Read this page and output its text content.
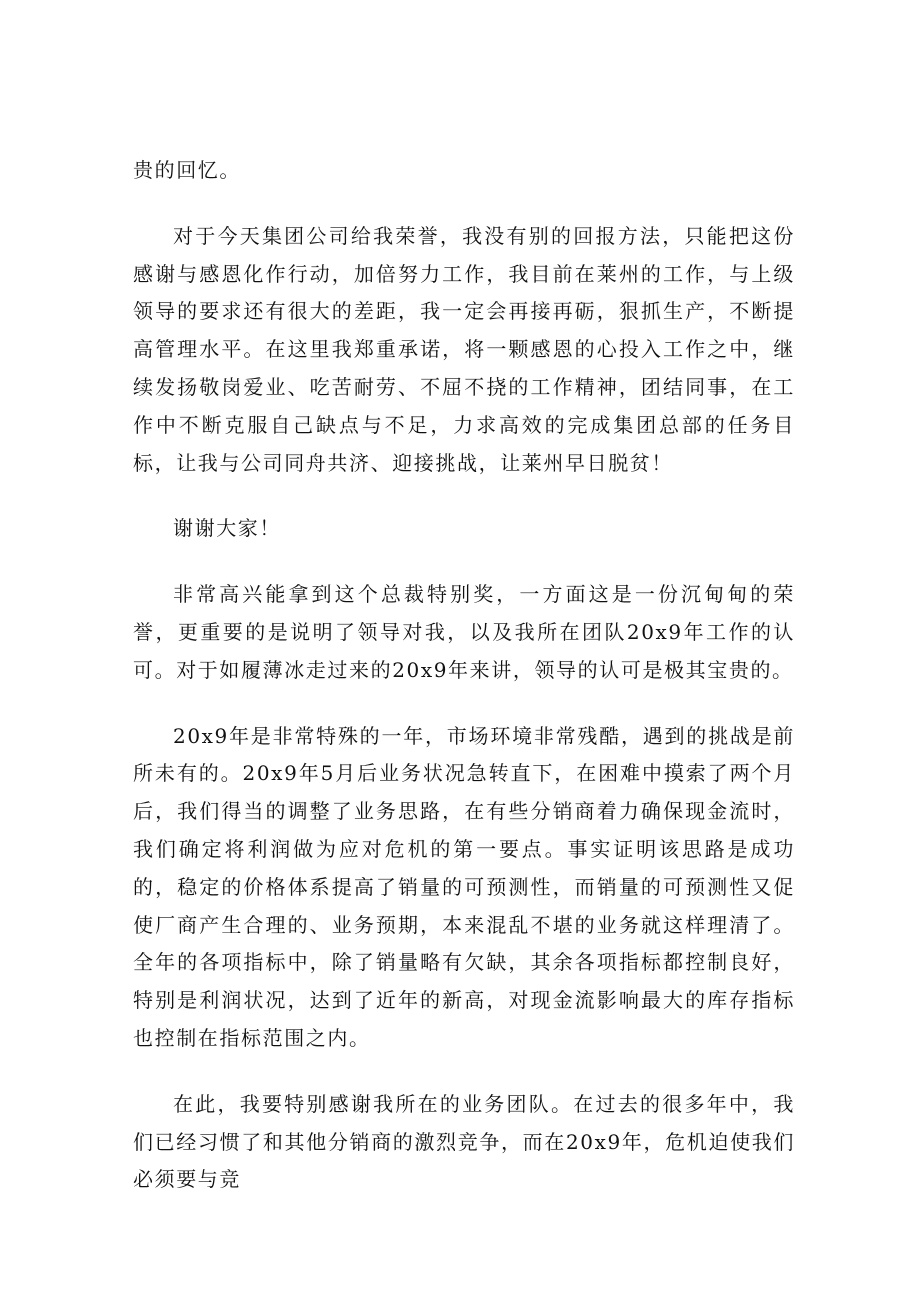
贵的回忆。

对于今天集团公司给我荣誉，我没有别的回报方法，只能把这份感谢与感恩化作行动，加倍努力工作，我目前在莱州的工作，与上级领导的要求还有很大的差距，我一定会再接再砺，狠抓生产，不断提高管理水平。在这里我郑重承诺，将一颗感恩的心投入工作之中，继续发扬敬岗爱业、吃苦耐劳、不屈不挠的工作精神，团结同事，在工作中不断克服自己缺点与不足，力求高效的完成集团总部的任务目标，让我与公司同舟共济、迎接挑战，让莱州早日脱贫！

谢谢大家！

非常高兴能拿到这个总裁特别奖，一方面这是一份沉甸甸的荣誉，更重要的是说明了领导对我，以及我所在团队20x9年工作的认可。对于如履薄冰走过来的20x9年来讲，领导的认可是极其宝贵的。

20x9年是非常特殊的一年，市场环境非常残酷，遇到的挑战是前所未有的。20x9年5月后业务状况急转直下，在困难中摸索了两个月后，我们得当的调整了业务思路，在有些分销商着力确保现金流时，我们确定将利润做为应对危机的第一要点。事实证明该思路是成功的，稳定的价格体系提高了销量的可预测性，而销量的可预测性又促使厂商产生合理的、业务预期，本来混乱不堪的业务就这样理清了。全年的各项指标中，除了销量略有欠缺，其余各项指标都控制良好，特别是利润状况，达到了近年的新高，对现金流影响最大的库存指标也控制在指标范围之内。

在此，我要特别感谢我所在的业务团队。在过去的很多年中，我们已经习惯了和其他分销商的激烈竞争，而在20x9年，危机迫使我们必须要与竞
